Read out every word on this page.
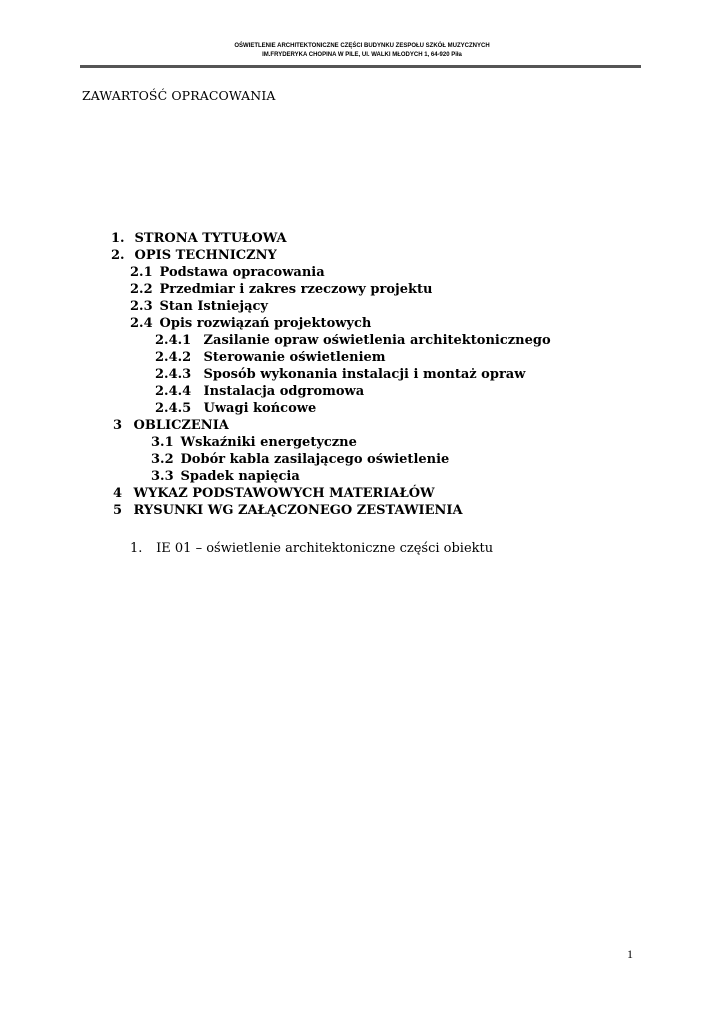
OŚWIETLENIE ARCHITEKTONICZNE CZĘŚCI BUDYNKU ZESPOŁU SZKÓŁ MUZYCZNYCH
IM.FRYDERYKA CHOPINA W PILE, Ul. WALKI MŁODYCH 1, 64-920 Piła
ZAWARTOŚĆ OPRACOWANIA
1. STRONA TYTUŁOWA
2. OPIS TECHNICZNY
2.1 Podstawa opracowania
2.2 Przedmiar i zakres rzeczowy projektu
2.3 Stan Istniejący
2.4 Opis rozwiązań projektowych
2.4.1 Zasilanie opraw oświetlenia architektonicznego
2.4.2 Sterowanie oświetleniem
2.4.3 Sposób wykonania instalacji i montaż opraw
2.4.4 Instalacja odgromowa
2.4.5 Uwagi końcowe
3 OBLICZENIA
3.1 Wskaźniki energetyczne
3.2 Dobór kabla zasilającego oświetlenie
3.3 Spadek napięcia
4 WYKAZ PODSTAWOWYCH MATERIAŁÓW
5 RYSUNKI WG ZAŁĄCZONEGO ZESTAWIENIA
1. IE 01 – oświetlenie architektoniczne części obiektu
1
